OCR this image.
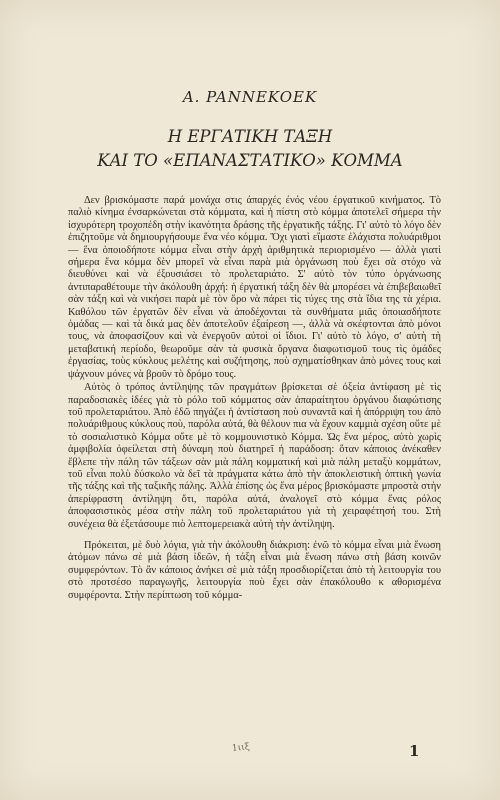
A. PANNEKOEK
Η ΕΡΓΑΤΙΚΗ ΤΑΞΗ
ΚΑΙ ΤΟ «ΕΠΑΝΑΣΤΑΤΙΚΟ» ΚΟΜΜΑ

Δεν βρισκόμαστε παρά μονάχα στις άπαρχές ένός νέου έργατικοῦ κινήματος. Τὸ παλιὸ κίνημα ἐνσαρκώνεται στὰ κόμματα, καὶ ἡ πίστη στὸ κόμμα ἀποτελεῖ σήμερα τὴν ἰσχυρότερη τροχοπέδη στὴν ἱκανότητα δράσης τῆς ἐργατικῆς τάξης. Γι' αὐτὸ τὸ λόγο δὲν ἐπιζητοῦμε νὰ δημιουργήσουμε ἕνα νέο κόμμα. Ὄχι γιατὶ εἴμαστε ἐλάχιστα πολυάριθμοι — ἕνα ὁποιοδήποτε κόμμα εἶναι στὴν ἀρχὴ ἀριθμητικὰ περιορισμένο — ἀλλὰ γιατὶ σήμερα ἕνα κόμμα δὲν μπορεῖ νὰ εἶναι παρὰ μιὰ ὀργάνωση ποὺ ἔχει σὰ στόχο νὰ διευθύνει καὶ νὰ ἐξουσιάσει τὸ προλεταριάτο. Σ' αὐτὸ τὸν τύπο ὀργάνωσης ἀντιπαραθέτουμε τὴν ἀκόλουθη ἀρχή: ἡ ἐργατική τάξη δὲν θὰ μπορέσει νὰ ἐπιβεβαιωθεῖ σὰν τάξη καὶ νὰ νικήσει παρὰ μὲ τὸν ὅρο νὰ πάρει τὶς τύχες της στὰ ἴδια της τὰ χέρια. Καθόλου τῶν ἐργατῶν δὲν εἶναι νὰ ἀποδέχονται τὰ συνθήματα μιᾶς ὁποιασδήποτε ὁμάδας — καὶ τὰ δικά μας δὲν ἀποτελοῦν ἐξαίρεση —, ἀλλὰ νὰ σκέφτονται ἀπὸ μόνοι τους, νὰ ἀποφασίζουν καὶ νὰ ἐνεργοῦν αὐτοὶ οἱ ἴδιοι. Γι' αὐτὸ τὸ λόγο, σ' αὐτὴ τὴ μεταβατική περίοδο, θεωροῦμε σὰν τὰ φυσικὰ ὄργανα διαφωτισμοῦ τους τὶς ὁμάδες ἐργασίας, τοὺς κύκλους μελέτης καὶ συζήτησης, ποὺ σχηματίσθηκαν ἀπὸ μόνες τους καὶ ψάχνουν μόνες νὰ βροῦν τὸ δρόμο τους.

Αὐτὸς ὁ τρόπος ἀντίληψης τῶν πραγμάτων βρίσκεται σὲ ὀξεία ἀντίφαση μὲ τὶς παραδοσιακὲς ἰδέες γιὰ τὸ ρόλο τοῦ κόμματος σὰν ἀπαραίτητου ὀργάνου διαφώτισης τοῦ προλεταριάτου. Ἀπὸ ἐδῶ πηγάζει ἡ ἀντίσταση ποὺ συναντᾶ καὶ ἡ ἀπόρριψη του ἀπὸ πολυάριθμους κύκλους ποὺ, παρόλα αὐτά, θὰ θέλουν πια νὰ ἔχουν καμμιὰ σχέση οὔτε μὲ τὸ σοσιαλιστικὸ Κόμμα οὔτε μὲ τὸ κομμουνιστικὸ Κόμμα. Ὡς ἕνα μέρος, αὐτὸ χωρὶς ἀμφιβολία ὀφείλεται στὴ δύναμη ποὺ διατηρεῖ ἡ παράδοση: ὅταν κάποιος ἀνέκαθεν ἔβλεπε τὴν πάλη τῶν τάξεων σὰν μιὰ πάλη κομματική καὶ μιὰ πάλη μεταξὺ κομμάτων, τοῦ εἶναι πολὺ δύσκολο νὰ δεῖ τὰ πράγματα κάτω ἀπὸ τὴν ἀποκλειστικὴ ὀπτικὴ γωνία τῆς τάξης καὶ τῆς ταξικῆς πάλης. Ἀλλὰ ἐπίσης ὡς ἕνα μέρος βρισκόμαστε μπροστὰ στὴν ἀπερίφραστη ἀντίληψη ὅτι, παρόλα αὐτά, ἀναλογεῖ στὸ κόμμα ἕνας ρόλος ἀποφασιστικὸς μέσα στὴν πάλη τοῦ προλεταριάτου γιὰ τὴ χειραφέτησή του. Στὴ συνέχεια θὰ ἐξετάσουμε πιὸ λεπτομερειακὰ αὐτὴ τὴν ἀντίληψη.

Πρόκειται, μὲ δυὸ λόγια, γιὰ τὴν ἀκόλουθη διάκριση: ἐνῶ τὸ κόμμα εἶναι μιὰ ἕνωση ἀτόμων πάνω σὲ μιὰ βάση ἰδεῶν, ἡ τάξη εἶναι μιὰ ἕνωση πάνω στὴ βάση κοινῶν συμφερόντων. Τὸ ἂν κάποιος ἀνήκει σὲ μιὰ τάξη προσδιορίζεται ἀπὸ τὴ λειτουργία του στὸ προτσέσο παραγωγῆς, λειτουργία ποὺ ἔχει σὰν ἐπακόλουθο κ αθορισμένα συμφέροντα. Στὴν περίπτωση τοῦ κόμμα-

1ιιξ	1
